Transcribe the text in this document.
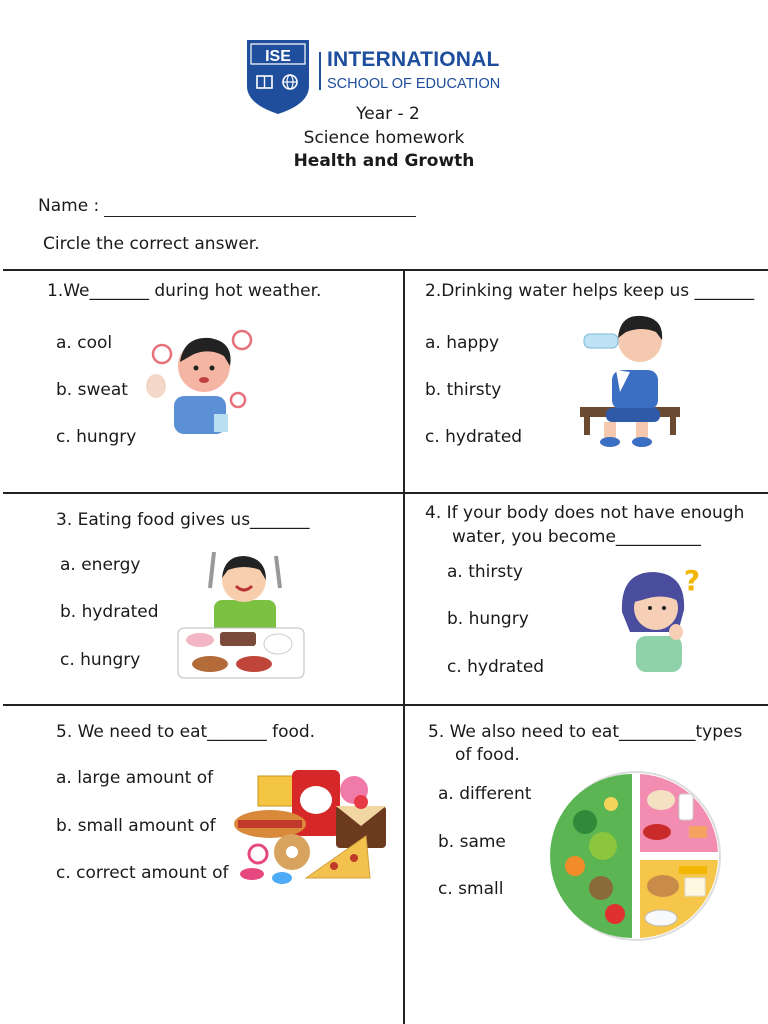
ISE INTERNATIONAL
SCHOOL OF EDUCATION
Year - 2
Science homework
Health and Growth
Name :
Circle the correct answer.
1.We_______ during hot weather.
a. cool
b. sweat
c. hungry
2.Drinking water helps keep us _______
a. happy
b. thirsty
c. hydrated
3. Eating food gives us_______
a. energy
b. hydrated
c. hungry
4. If your body does not have enough
water, you become__________
a. thirsty
b. hungry
c. hydrated
?
5. We need to eat_______ food.
a. large amount of
b. small amount of
c. correct amount of
5. We also need to eat_________types
of food.
a. different
b. same
c. small
